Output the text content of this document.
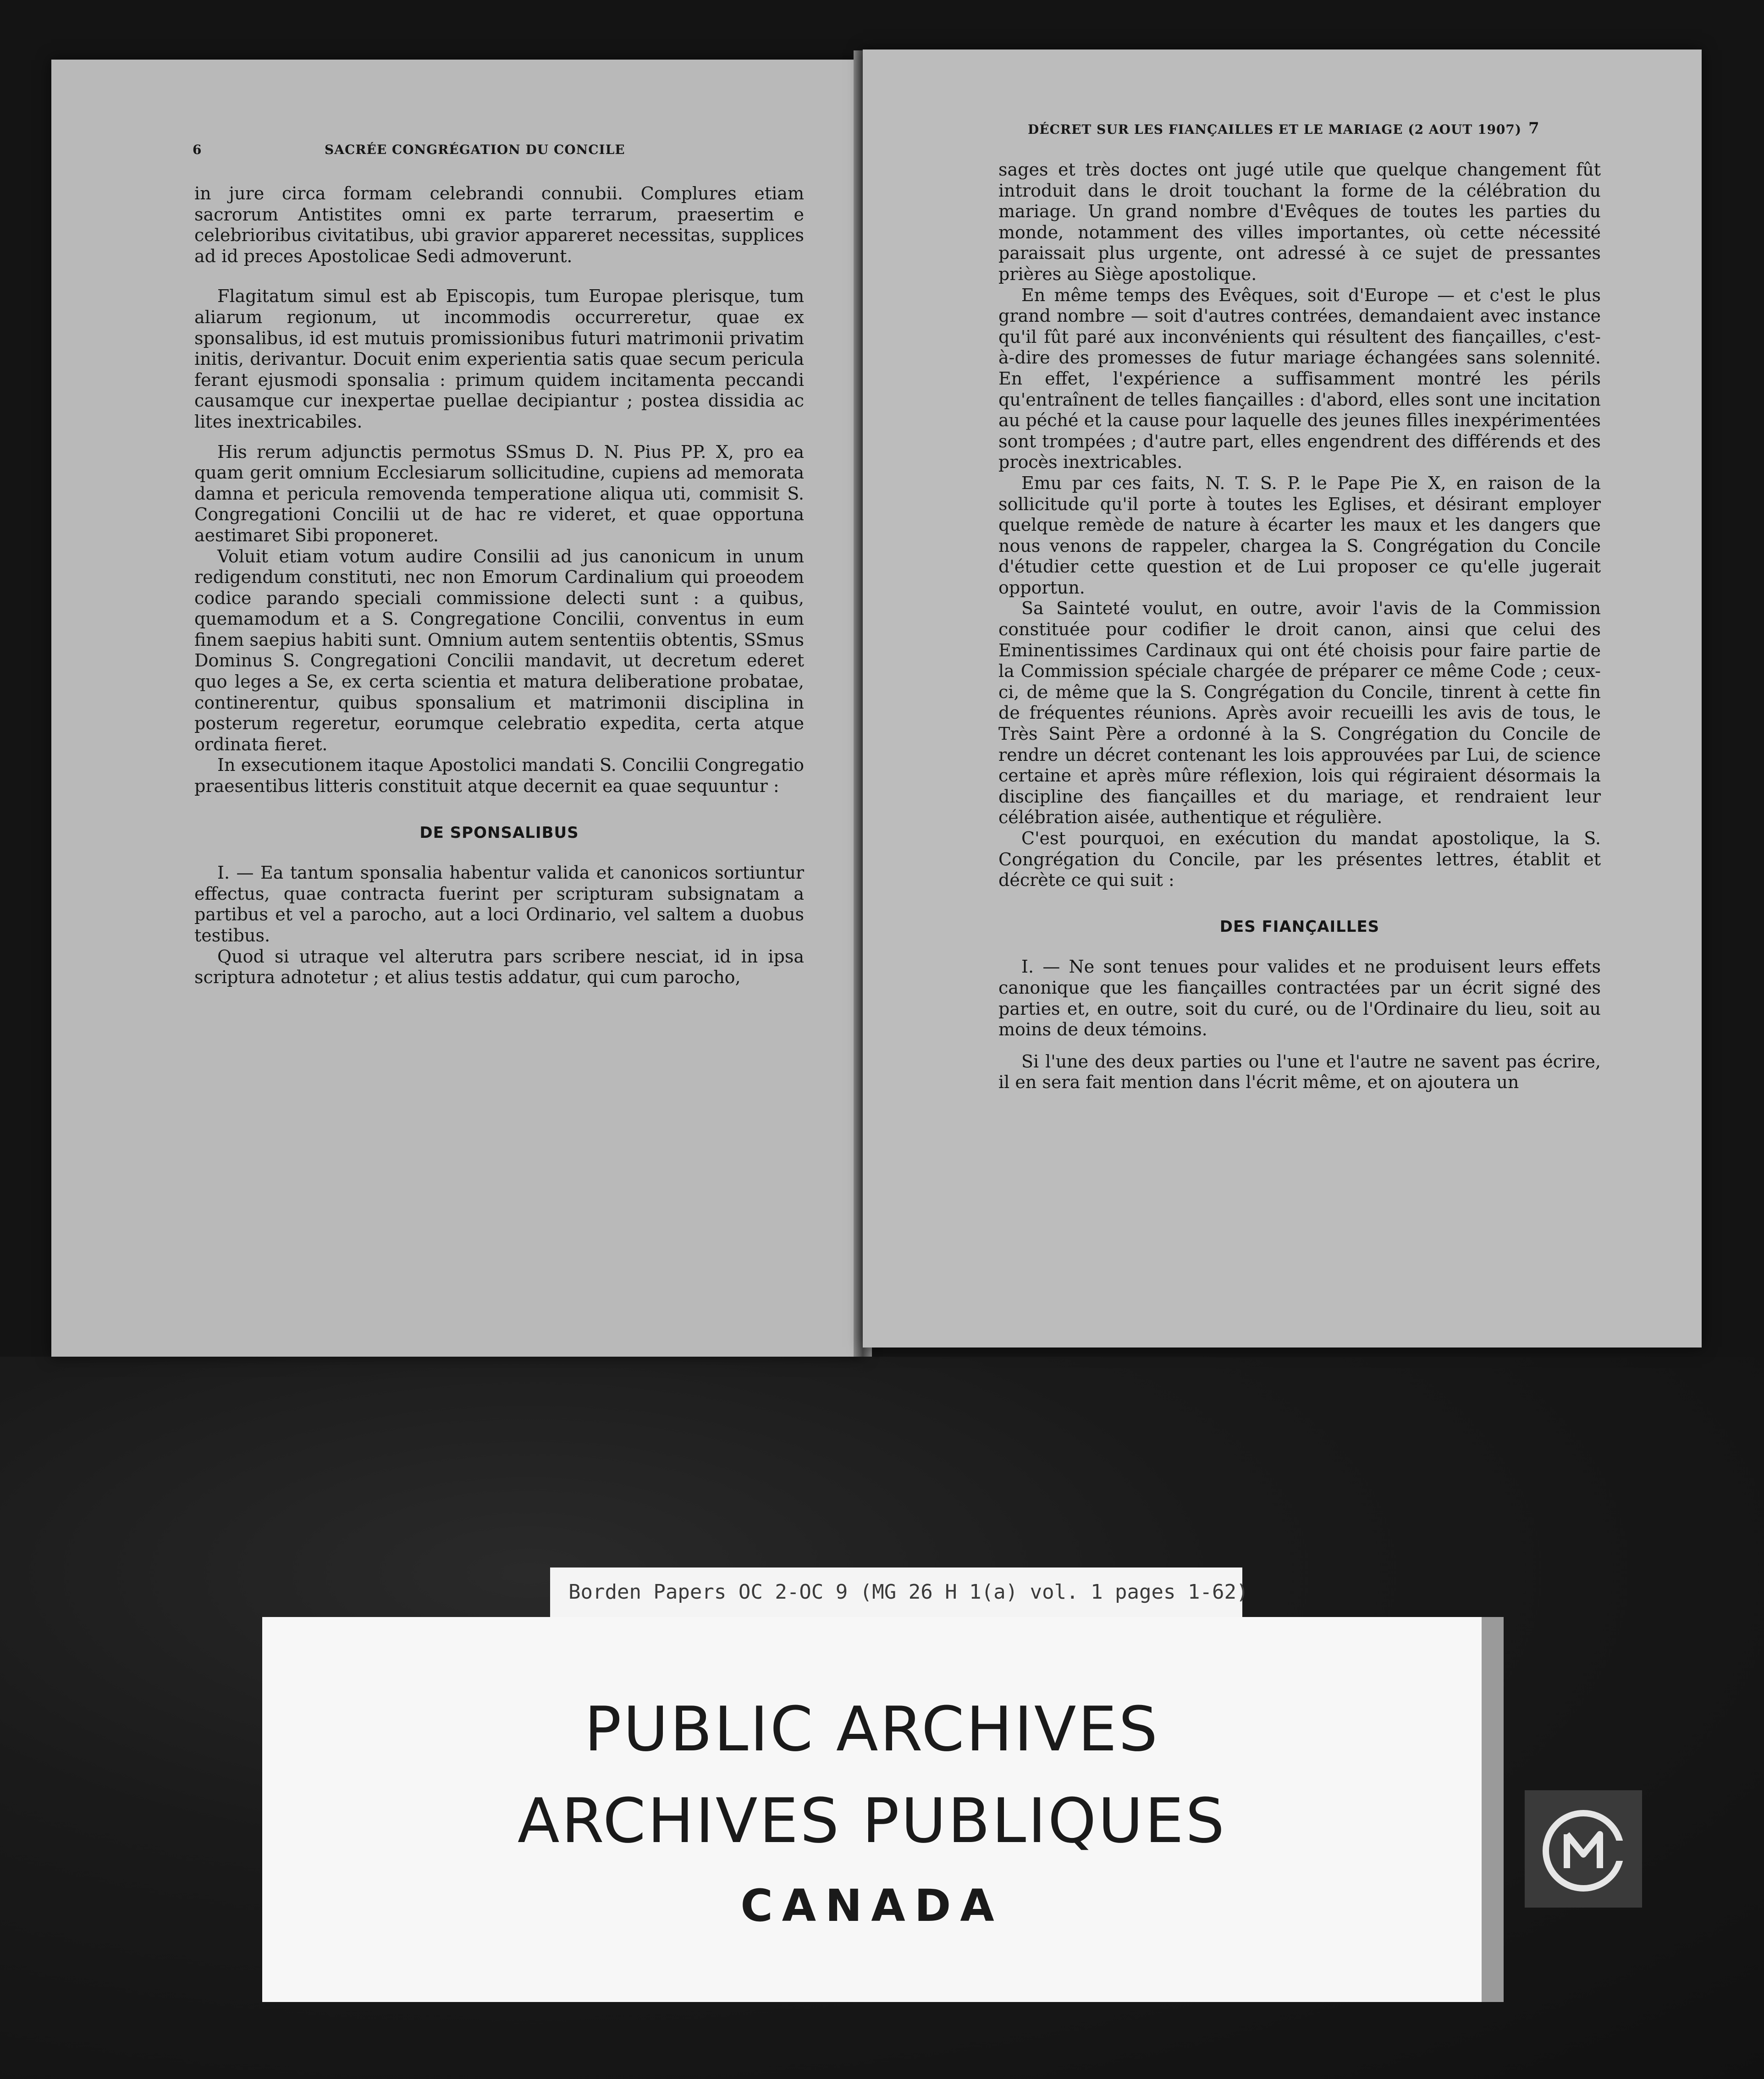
6	SACRÉE CONGRÉGATION DU CONCILE

in jure circa formam celebrandi connubii. Complures etiam sacrorum Antistites omni ex parte terrarum, praesertim e celebrioribus civitatibus, ubi gravior appareret necessitas, supplices ad id preces Apostolicae Sedi admoverunt.

Flagitatum simul est ab Episcopis, tum Europae plerisque, tum aliarum regionum, ut incommodis occurreretur, quae ex sponsalibus, id est mutuis promissionibus futuri matrimonii privatim initis, derivantur. Docuit enim experientia satis quae secum pericula ferant ejusmodi sponsalia : primum quidem incitamenta peccandi causamque cur inexpertae puellae decipiantur ; postea dissidia ac lites inextricabiles.

His rerum adjunctis permotus SSmus D. N. Pius PP. X, pro ea quam gerit omnium Ecclesiarum sollicitudine, cupiens ad memorata damna et pericula removenda temperatione aliqua uti, commisit S. Congregationi Concilii ut de hac re videret, et quae opportuna aestimaret Sibi proponeret.

Voluit etiam votum audire Consilii ad jus canonicum in unum redigendum constituti, nec non Emorum Cardinalium qui proeodem codice parando speciali commissione delecti sunt : a quibus, quemamodum et a S. Congregatione Concilii, conventus in eum finem saepius habiti sunt. Omnium autem sententiis obtentis, SSmus Dominus S. Congregationi Concilii mandavit, ut decretum ederet quo leges a Se, ex certa scientia et matura deliberatione probatae, continerentur, quibus sponsalium et matrimonii disciplina in posterum regeretur, eorumque celebratio expedita, certa atque ordinata fieret.

In exsecutionem itaque Apostolici mandati S. Concilii Congregatio praesentibus litteris constituit atque decernit ea quae sequuntur :

DE SPONSALIBUS

I. — Ea tantum sponsalia habentur valida et canonicos sortiuntur effectus, quae contracta fuerint per scripturam subsignatam a partibus et vel a parocho, aut a loci Ordinario, vel saltem a duobus testibus.

Quod si utraque vel alterutra pars scribere nesciat, id in ipsa scriptura adnotetur ; et alius testis addatur, qui cum parocho,

DÉCRET SUR LES FIANÇAILLES ET LE MARIAGE (2 AOUT 1907) 7

sages et très doctes ont jugé utile que quelque changement fût introduit dans le droit touchant la forme de la célébration du mariage. Un grand nombre d'Evêques de toutes les parties du monde, notamment des villes importantes, où cette nécessité paraissait plus urgente, ont adressé à ce sujet de pressantes prières au Siège apostolique.

En même temps des Evêques, soit d'Europe — et c'est le plus grand nombre — soit d'autres contrées, demandaient avec instance qu'il fût paré aux inconvénients qui résultent des fiançailles, c'est-à-dire des promesses de futur mariage échangées sans solennité. En effet, l'expérience a suffisamment montré les périls qu'entraînent de telles fiançailles : d'abord, elles sont une incitation au péché et la cause pour laquelle des jeunes filles inexpérimentées sont trompées ; d'autre part, elles engendrent des différends et des procès inextricables.

Emu par ces faits, N. T. S. P. le Pape Pie X, en raison de la sollicitude qu'il porte à toutes les Eglises, et désirant employer quelque remède de nature à écarter les maux et les dangers que nous venons de rappeler, chargea la S. Congrégation du Concile d'étudier cette question et de Lui proposer ce qu'elle jugerait opportun.

Sa Sainteté voulut, en outre, avoir l'avis de la Commission constituée pour codifier le droit canon, ainsi que celui des Eminentissimes Cardinaux qui ont été choisis pour faire partie de la Commission spéciale chargée de préparer ce même Code ; ceux-ci, de même que la S. Congrégation du Concile, tinrent à cette fin de fréquentes réunions. Après avoir recueilli les avis de tous, le Très Saint Père a ordonné à la S. Congrégation du Concile de rendre un décret contenant les lois approuvées par Lui, de science certaine et après mûre réflexion, lois qui régiraient désormais la discipline des fiançailles et du mariage, et rendraient leur célébration aisée, authentique et régulière.

C'est pourquoi, en exécution du mandat apostolique, la S. Congrégation du Concile, par les présentes lettres, établit et décrète ce qui suit :

DES FIANÇAILLES

I. — Ne sont tenues pour valides et ne produisent leurs effets canonique que les fiançailles contractées par un écrit signé des parties et, en outre, soit du curé, ou de l'Ordinaire du lieu, soit au moins de deux témoins.

Si l'une des deux parties ou l'une et l'autre ne savent pas écrire, il en sera fait mention dans l'écrit même, et on ajoutera un

Borden Papers OC 2-OC 9 (MG 26 H 1(a) vol. 1 pages 1-62)
PUBLIC ARCHIVES
ARCHIVES PUBLIQUES
CANADA
